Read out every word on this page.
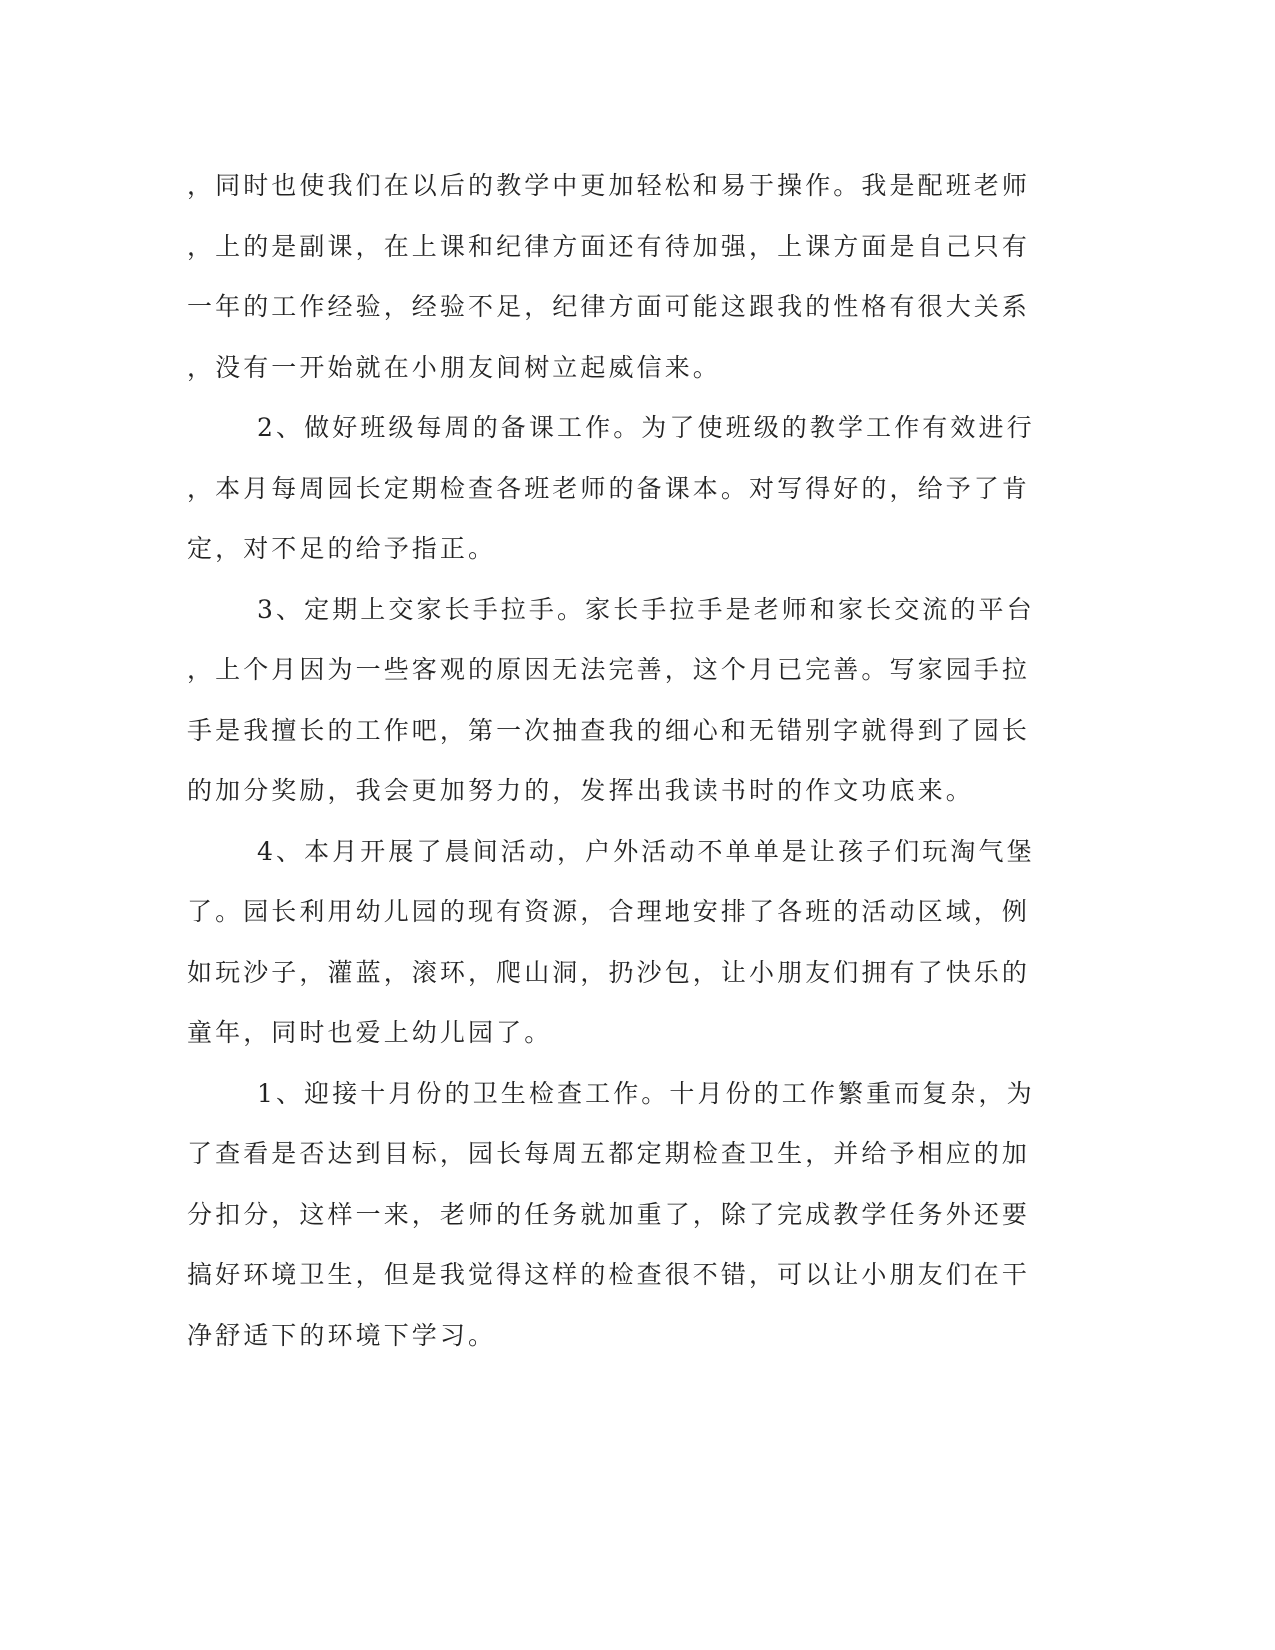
，同时也使我们在以后的教学中更加轻松和易于操作。我是配班老师
，上的是副课，在上课和纪律方面还有待加强，上课方面是自己只有
一年的工作经验，经验不足，纪律方面可能这跟我的性格有很大关系
，没有一开始就在小朋友间树立起威信来。
2、做好班级每周的备课工作。为了使班级的教学工作有效进行
，本月每周园长定期检查各班老师的备课本。对写得好的，给予了肯
定，对不足的给予指正。
3、定期上交家长手拉手。家长手拉手是老师和家长交流的平台
，上个月因为一些客观的原因无法完善，这个月已完善。写家园手拉
手是我擅长的工作吧，第一次抽查我的细心和无错别字就得到了园长
的加分奖励，我会更加努力的，发挥出我读书时的作文功底来。
4、本月开展了晨间活动，户外活动不单单是让孩子们玩淘气堡
了。园长利用幼儿园的现有资源，合理地安排了各班的活动区域，例
如玩沙子，灌蓝，滚环，爬山洞，扔沙包，让小朋友们拥有了快乐的
童年，同时也爱上幼儿园了。
1、迎接十月份的卫生检查工作。十月份的工作繁重而复杂，为
了查看是否达到目标，园长每周五都定期检查卫生，并给予相应的加
分扣分，这样一来，老师的任务就加重了，除了完成教学任务外还要
搞好环境卫生，但是我觉得这样的检查很不错，可以让小朋友们在干
净舒适下的环境下学习。
